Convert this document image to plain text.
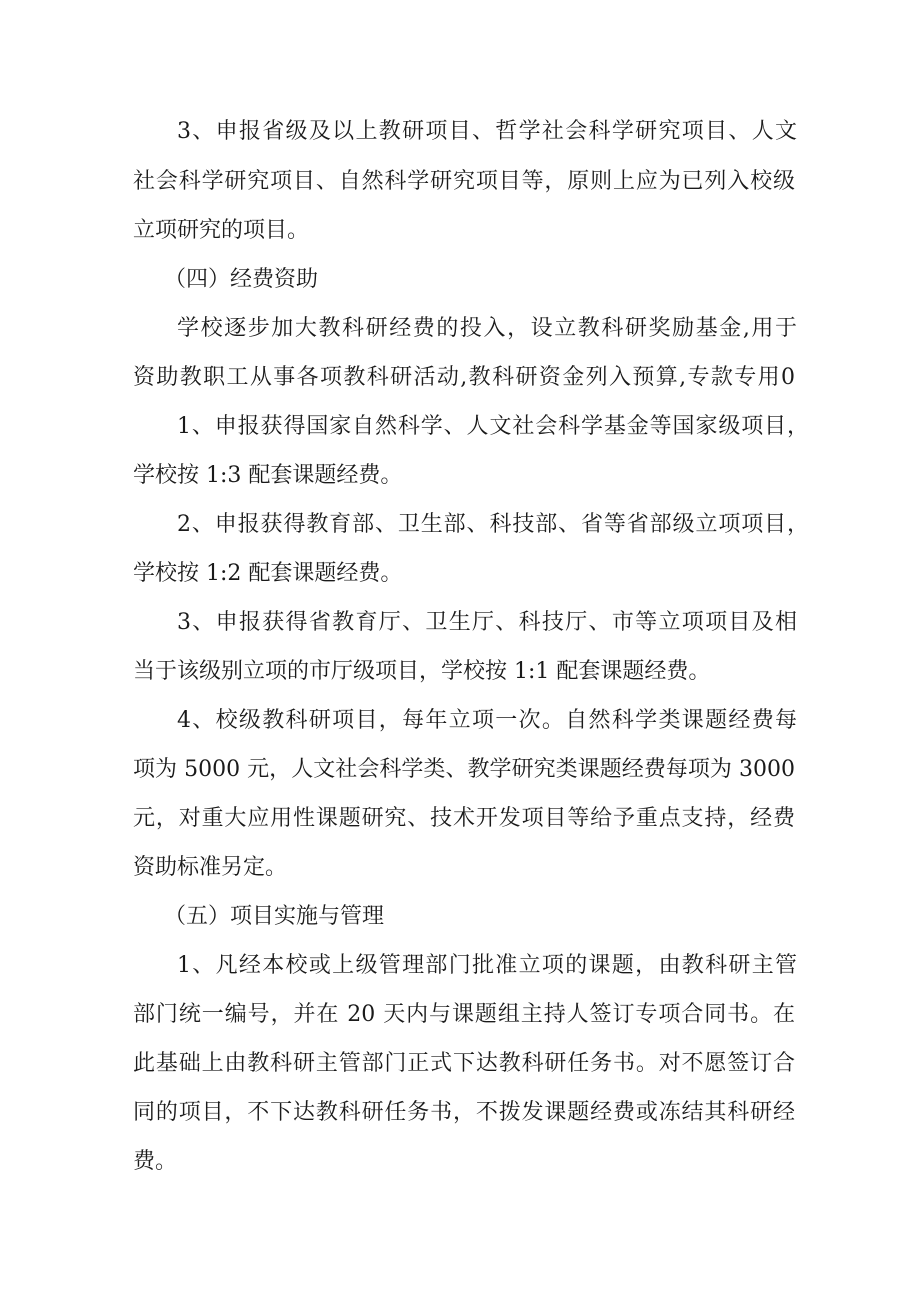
3、申报省级及以上教研项目、哲学社会科学研究项目、人文
社会科学研究项目、自然科学研究项目等，原则上应为已列入校级
立项研究的项目。
（四）经费资助
学校逐步加大教科研经费的投入，设立教科研奖励基金,用于
资助教职工从事各项教科研活动,教科研资金列入预算,专款专用0
1、申报获得国家自然科学、人文社会科学基金等国家级项目，
学校按 1:3 配套课题经费。
2、申报获得教育部、卫生部、科技部、省等省部级立项项目，
学校按 1:2 配套课题经费。
3、申报获得省教育厅、卫生厅、科技厅、市等立项项目及相
当于该级别立项的市厅级项目，学校按 1:1 配套课题经费。
4、校级教科研项目，每年立项一次。自然科学类课题经费每
项为 5000 元，人文社会科学类、教学研究类课题经费每项为 3000
元，对重大应用性课题研究、技术开发项目等给予重点支持，经费
资助标准另定。
（五）项目实施与管理
1、凡经本校或上级管理部门批准立项的课题，由教科研主管
部门统一编号，并在 20 天内与课题组主持人签订专项合同书。在
此基础上由教科研主管部门正式下达教科研任务书。对不愿签订合
同的项目，不下达教科研任务书，不拨发课题经费或冻结其科研经
费。
